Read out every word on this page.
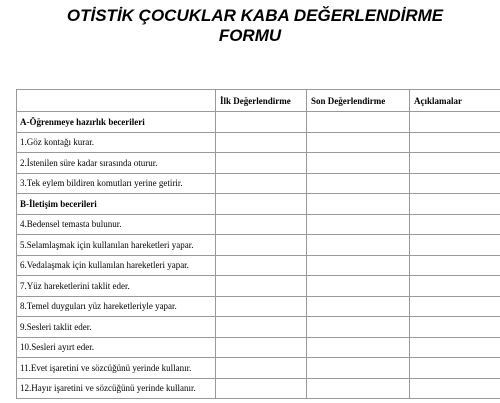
OTİSTİK ÇOCUKLAR KABA DEĞERLENDİRME
FORMU
	İlk Değerlendirme	Son Değerlendirme	Açıklamalar
A-Öğrenmeye hazırlık becerileri			
1.Göz kontağı kurar.			
2.İstenilen süre kadar sırasında oturur.			
3.Tek eylem bildiren komutları yerine getirir.			
B-İletişim becerileri			
4.Bedensel temasta bulunur.			
5.Selamlaşmak için kullanılan hareketleri yapar.			
6.Vedalaşmak için kullanılan hareketleri yapar.			
7.Yüz hareketlerini taklit eder.			
8.Temel duyguları yüz hareketleriyle yapar.			
9.Sesleri taklit eder.			
10.Sesleri ayırt eder.			
11.Evet işaretini ve sözcüğünü yerinde kullanır.			
12.Hayır işaretini ve sözcüğünü yerinde kullanır.			
